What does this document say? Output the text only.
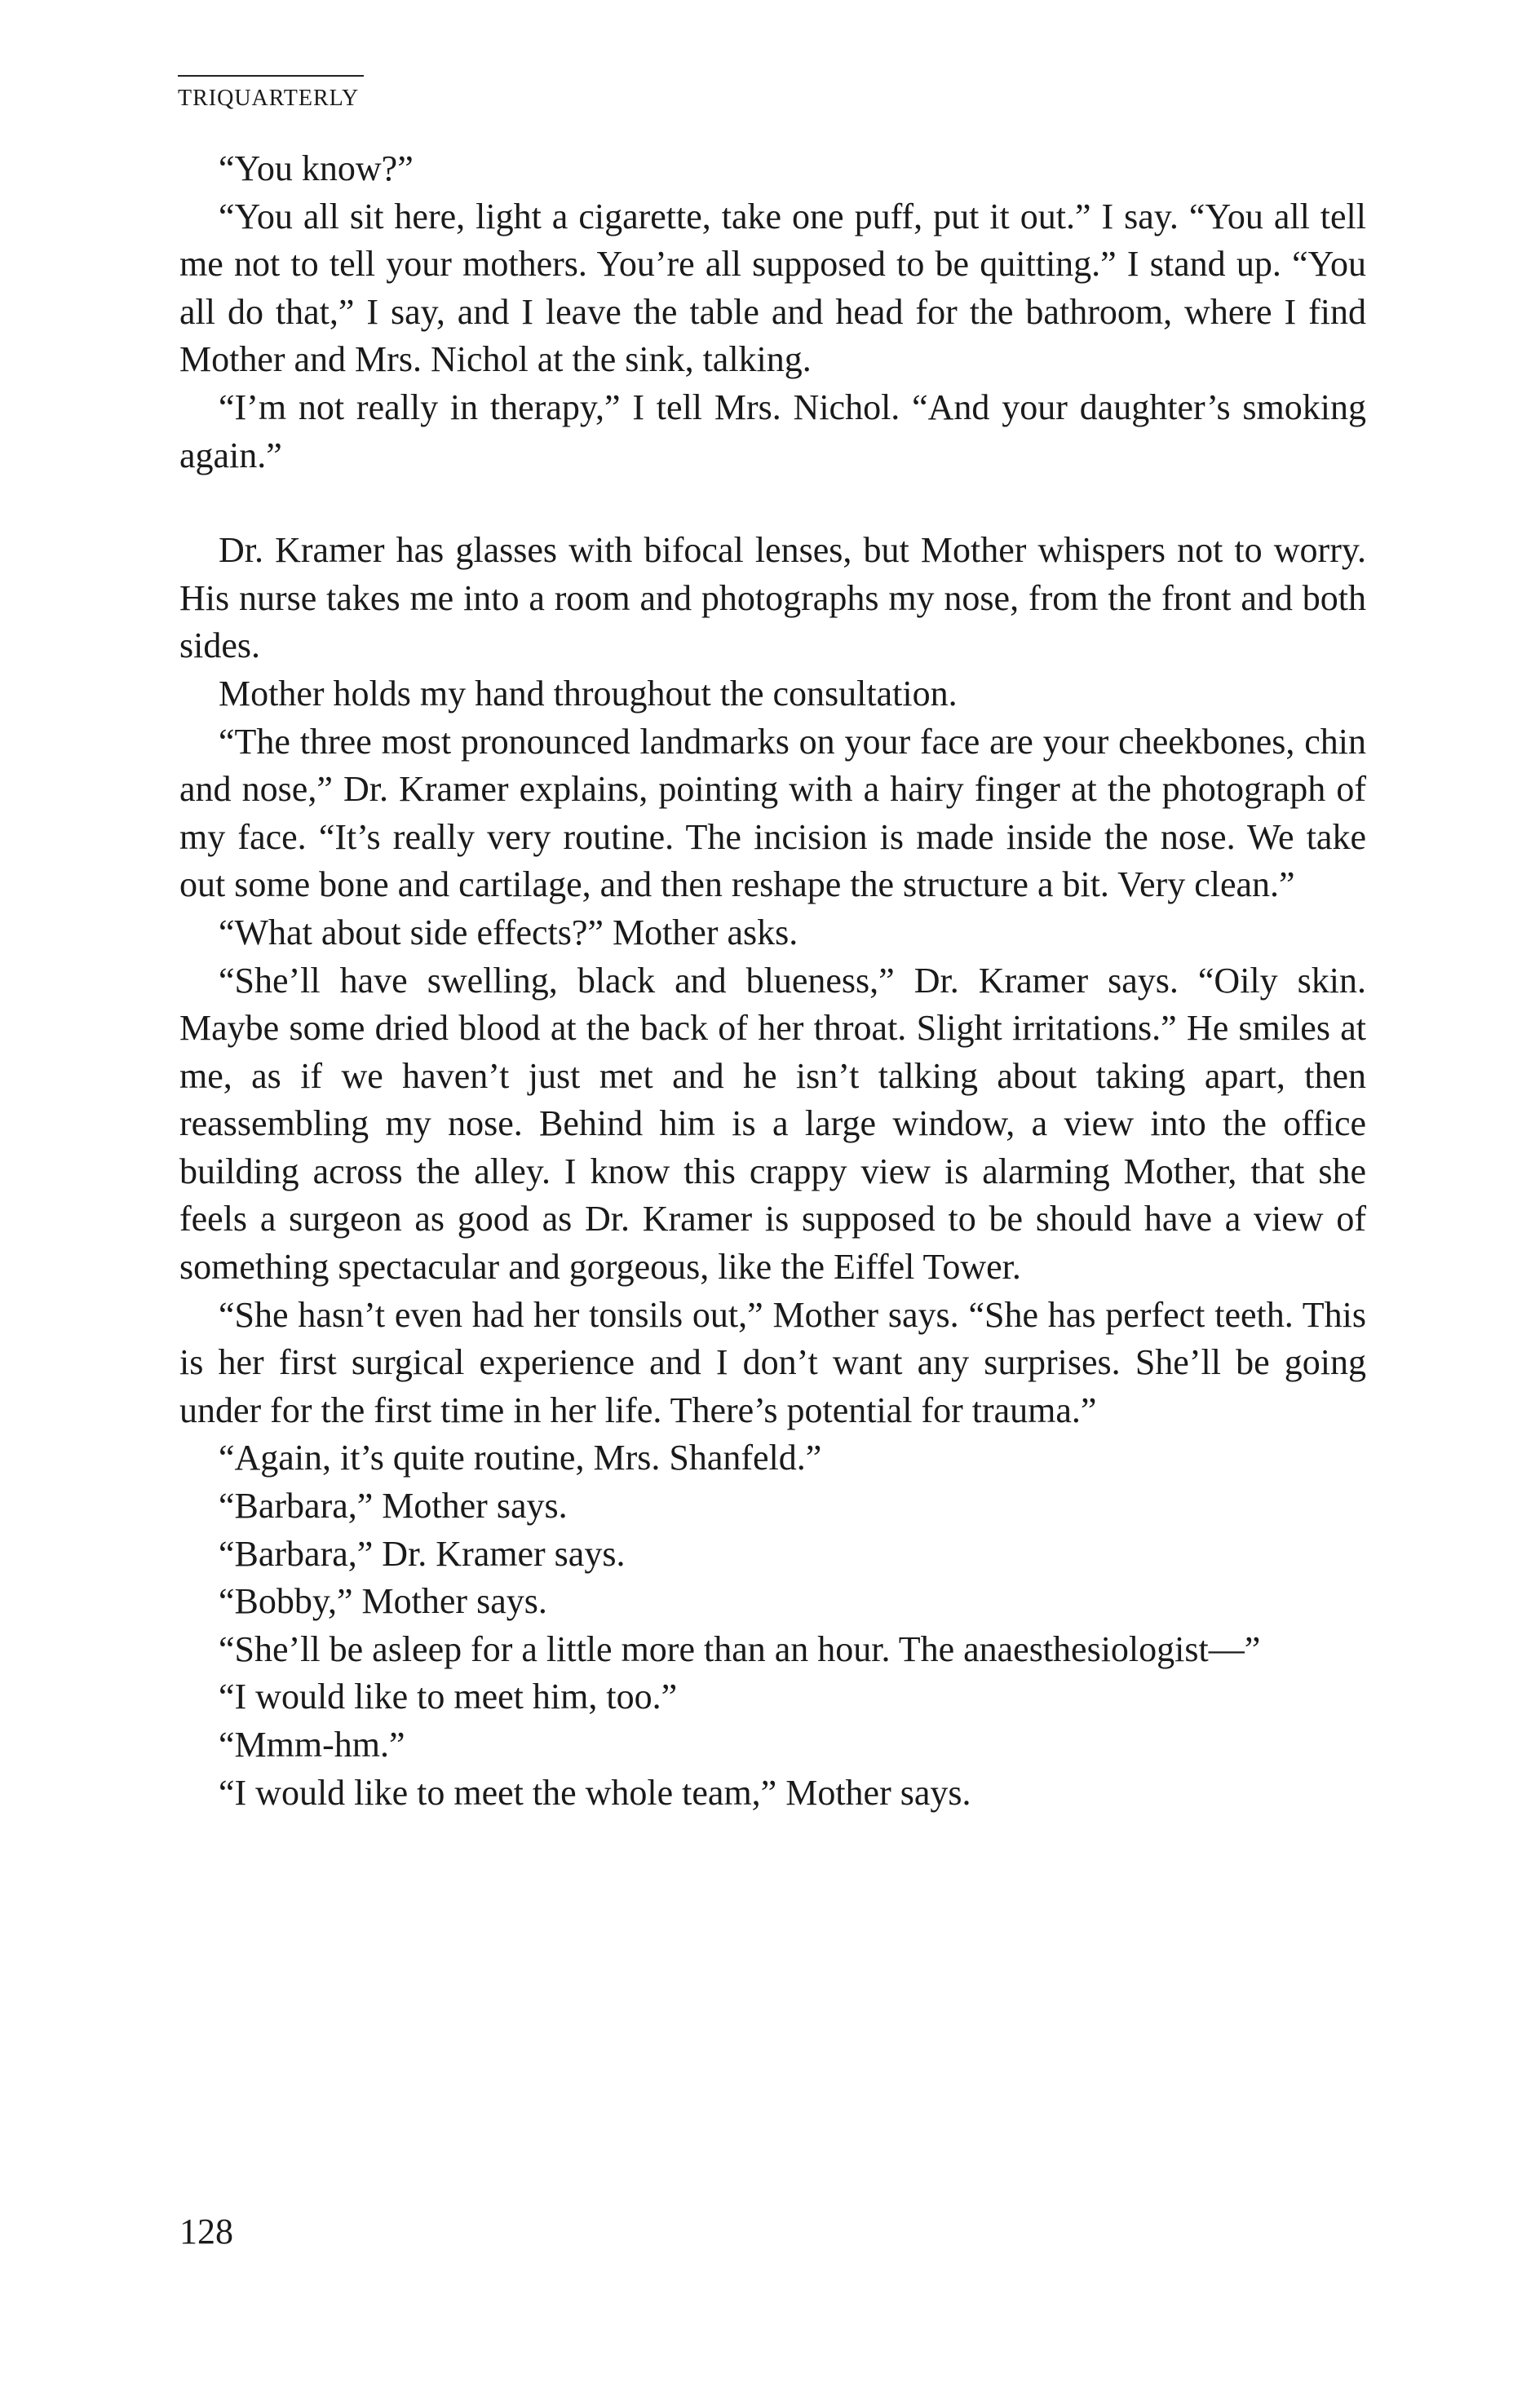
TRIQUARTERLY

“You know?”

“You all sit here, light a cigarette, take one puff, put it out.” I say. “You all tell me not to tell your mothers. You’re all supposed to be quitting.” I stand up. “You all do that,” I say, and I leave the table and head for the bathroom, where I find Mother and Mrs. Nichol at the sink, talking.

“I’m not really in therapy,” I tell Mrs. Nichol. “And your daughter’s smoking again.”

Dr. Kramer has glasses with bifocal lenses, but Mother whispers not to worry. His nurse takes me into a room and photographs my nose, from the front and both sides.

Mother holds my hand throughout the consultation.

“The three most pronounced landmarks on your face are your cheekbones, chin and nose,” Dr. Kramer explains, pointing with a hairy finger at the photograph of my face. “It’s really very routine. The incision is made inside the nose. We take out some bone and cartilage, and then reshape the structure a bit. Very clean.”

“What about side effects?” Mother asks.

“She’ll have swelling, black and blueness,” Dr. Kramer says. “Oily skin. Maybe some dried blood at the back of her throat. Slight irritations.” He smiles at me, as if we haven’t just met and he isn’t talking about taking apart, then reassembling my nose. Behind him is a large window, a view into the office building across the alley. I know this crappy view is alarming Mother, that she feels a surgeon as good as Dr. Kramer is supposed to be should have a view of something spectacular and gorgeous, like the Eiffel Tower.

“She hasn’t even had her tonsils out,” Mother says. “She has perfect teeth. This is her first surgical experience and I don’t want any surprises. She’ll be going under for the first time in her life. There’s potential for trauma.”

“Again, it’s quite routine, Mrs. Shanfeld.”

“Barbara,” Mother says.

“Barbara,” Dr. Kramer says.

“Bobby,” Mother says.

“She’ll be asleep for a little more than an hour. The anaesthesiologist—”

“I would like to meet him, too.”

“Mmm-hm.”

“I would like to meet the whole team,” Mother says.

128
